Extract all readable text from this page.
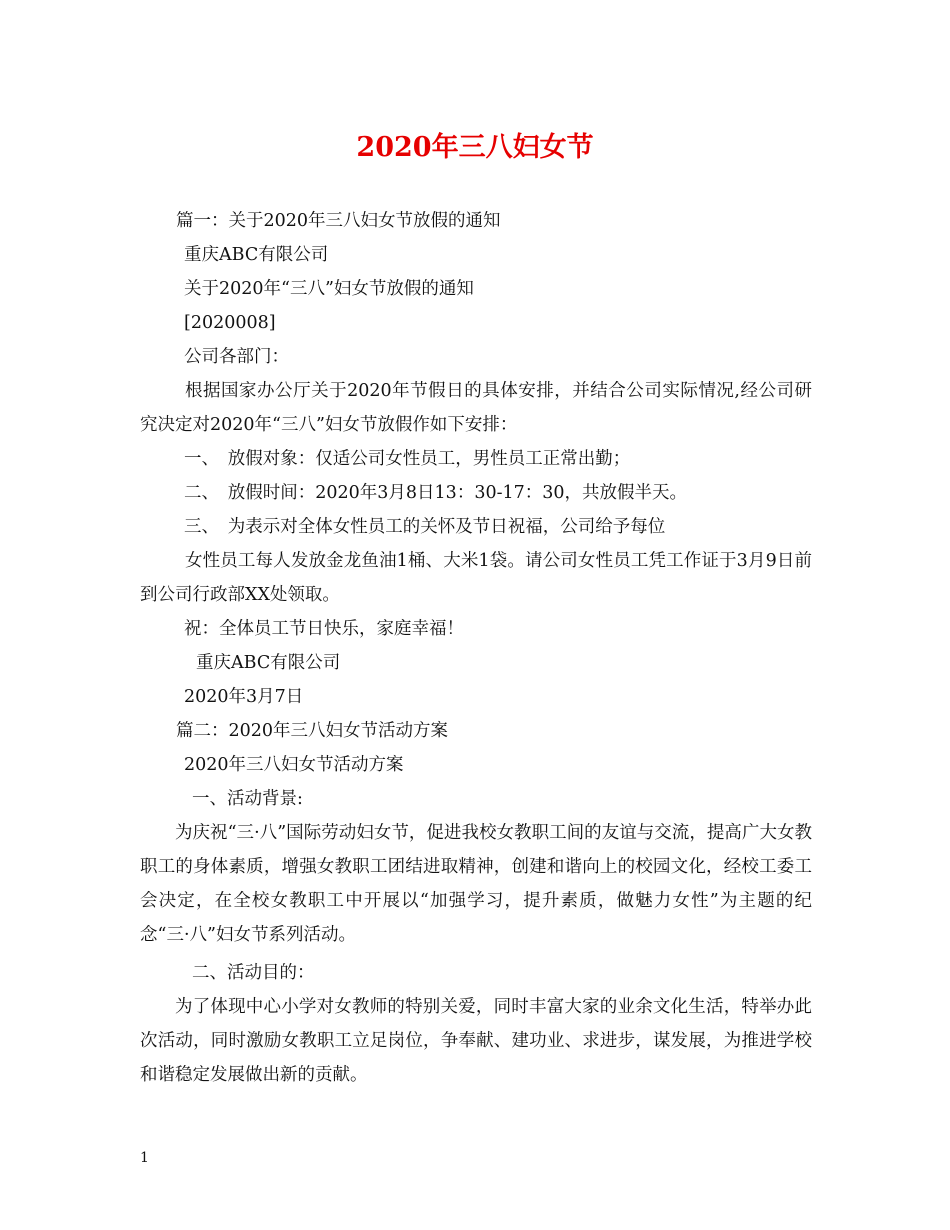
2020年三八妇女节
篇一：关于2020年三八妇女节放假的通知
重庆ABC有限公司
关于2020年“三八”妇女节放假的通知
[2020008]
公司各部门：
根据国家办公厅关于2020年节假日的具体安排，并结合公司实际情况,经公司研究决定对2020年“三八”妇女节放假作如下安排：
一、　放假对象：仅适公司女性员工，男性员工正常出勤；
二、　放假时间：2020年3月8日13：30-17：30，共放假半天。
三、　为表示对全体女性员工的关怀及节日祝福，公司给予每位
女性员工每人发放金龙鱼油1桶、大米1袋。请公司女性员工凭工作证于3月9日前到公司行政部XX处领取。
祝：全体员工节日快乐，家庭幸福！
重庆ABC有限公司
2020年3月7日
篇二：2020年三八妇女节活动方案
2020年三八妇女节活动方案
一、活动背景:
为庆祝“三·八”国际劳动妇女节，促进我校女教职工间的友谊与交流，提高广大女教职工的身体素质，增强女教职工团结进取精神，创建和谐向上的校园文化，经校工委工会决定，在全校女教职工中开展以“加强学习，提升素质，做魅力女性”为主题的纪念“三·八”妇女节系列活动。
二、活动目的：
为了体现中心小学对女教师的特别关爱，同时丰富大家的业余文化生活，特举办此次活动，同时激励女教职工立足岗位，争奉献、建功业、求进步，谋发展，为推进学校和谐稳定发展做出新的贡献。
1
